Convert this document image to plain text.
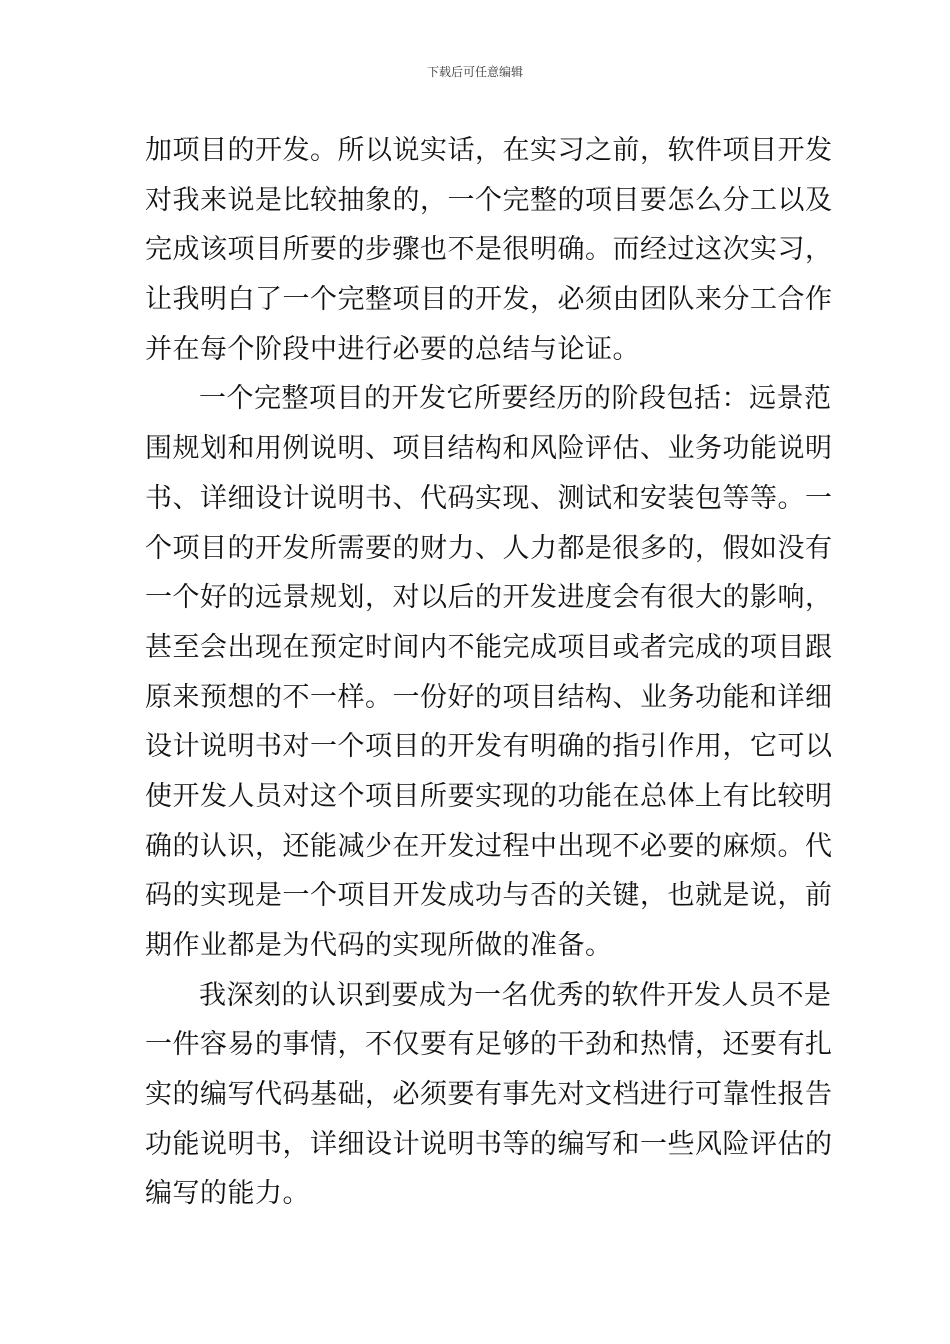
下载后可任意编辑
加项目的开发。所以说实话，在实习之前，软件项目开发
对我来说是比较抽象的，一个完整的项目要怎么分工以及
完成该项目所要的步骤也不是很明确。而经过这次实习，
让我明白了一个完整项目的开发，必须由团队来分工合作
并在每个阶段中进行必要的总结与论证。
一个完整项目的开发它所要经历的阶段包括：远景范
围规划和用例说明、项目结构和风险评估、业务功能说明
书、详细设计说明书、代码实现、测试和安装包等等。一
个项目的开发所需要的财力、人力都是很多的，假如没有
一个好的远景规划，对以后的开发进度会有很大的影响，
甚至会出现在预定时间内不能完成项目或者完成的项目跟
原来预想的不一样。一份好的项目结构、业务功能和详细
设计说明书对一个项目的开发有明确的指引作用，它可以
使开发人员对这个项目所要实现的功能在总体上有比较明
确的认识，还能减少在开发过程中出现不必要的麻烦。代
码的实现是一个项目开发成功与否的关键，也就是说，前
期作业都是为代码的实现所做的准备。
我深刻的认识到要成为一名优秀的软件开发人员不是
一件容易的事情，不仅要有足够的干劲和热情，还要有扎
实的编写代码基础，必须要有事先对文档进行可靠性报告
功能说明书，详细设计说明书等的编写和一些风险评估的
编写的能力。
